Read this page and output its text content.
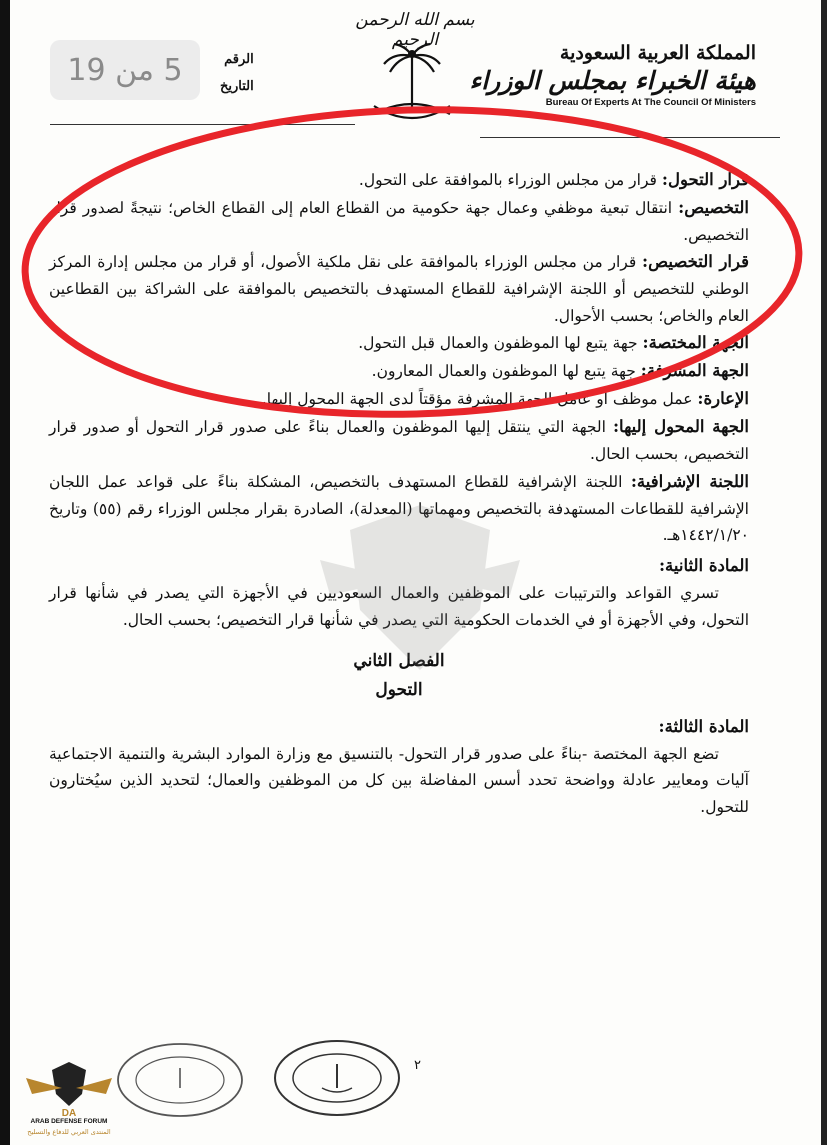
5 من 19
بسم الله الرحمن الرحيم
الرقم
التاريخ
المملكة العربية السعودية
هيئة الخبراء بمجلس الوزراء
Bureau Of Experts At The Council Of Ministers

قرار التحول: قرار من مجلس الوزراء بالموافقة على التحول.

التخصيص: انتقال تبعية موظفي وعمال جهة حكومية من القطاع العام إلى القطاع الخاص؛ نتيجةً لصدور قرار التخصيص.

قرار التخصيص: قرار من مجلس الوزراء بالموافقة على نقل ملكية الأصول، أو قرار من مجلس إدارة المركز الوطني للتخصيص أو اللجنة الإشرافية للقطاع المستهدف بالتخصيص بالموافقة على الشراكة بين القطاعين العام والخاص؛ بحسب الأحوال.

الجهة المختصة: جهة يتبع لها الموظفون والعمال قبل التحول.

الجهة المشرفة: جهة يتبع لها الموظفون والعمال المعارون.

الإعارة: عمل موظف أو عامل الجهة المشرفة مؤقتاً لدى الجهة المحول إليها.

الجهة المحول إليها: الجهة التي ينتقل إليها الموظفون والعمال بناءً على صدور قرار التحول أو صدور قرار التخصيص، بحسب الحال.

اللجنة الإشرافية: اللجنة الإشرافية للقطاع المستهدف بالتخصيص، المشكلة بناءً على قواعد عمل اللجان الإشرافية للقطاعات المستهدفة بالتخصيص ومهماتها (المعدلة)، الصادرة بقرار مجلس الوزراء رقم (٥٥) وتاريخ ١٤٤٢/١/٢٠هـ.

المادة الثانية:

تسري القواعد والترتيبات على الموظفين والعمال السعوديين في الأجهزة التي يصدر في شأنها قرار التحول، وفي الأجهزة أو في الخدمات الحكومية التي يصدر في شأنها قرار التخصيص؛ بحسب الحال.

الفصل الثاني

التحول

المادة الثالثة:

تضع الجهة المختصة -بناءً على صدور قرار التحول- بالتنسيق مع وزارة الموارد البشرية والتنمية الاجتماعية آليات ومعايير عادلة وواضحة تحدد أسس المفاضلة بين كل من الموظفين والعمال؛ لتحديد الذين سيُختارون للتحول.

٢
DA
ARAB DEFENSE FORUM
المنتدى العربي للدفاع والتسليح
